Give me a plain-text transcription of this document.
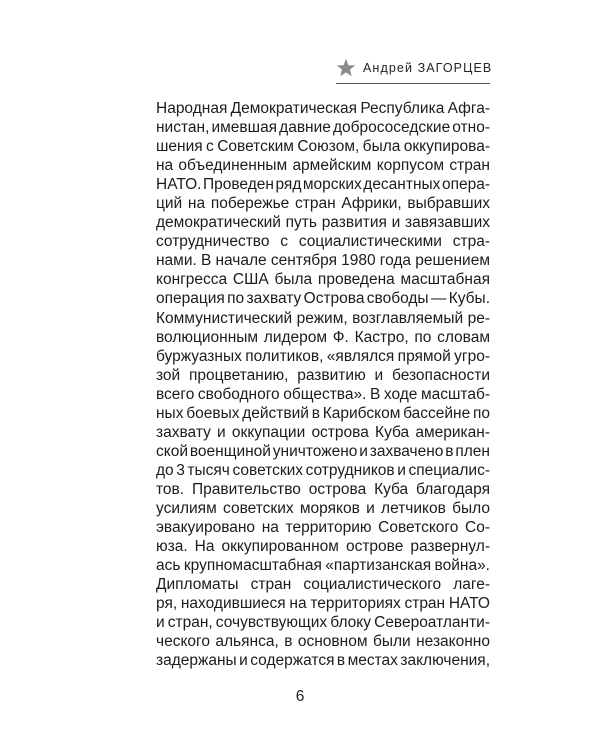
Андрей ЗАГОРЦЕВ
Народная Демократическая Республика Афга-
нистан, имевшая давние добрососедские отно-
шения с Советским Союзом, была оккупирова-
на объединенным армейским корпусом стран
НАТО. Проведен ряд морских десантных опера-
ций на побережье стран Африки, выбравших
демократический путь развития и завязавших
сотрудничество с социалистическими стра-
нами. В начале сентября 1980 года решением
конгресса США была проведена масштабная
операция по захвату Острова свободы — Кубы.
Коммунистический режим, возглавляемый ре-
волюционным лидером Ф. Кастро, по словам
буржуазных политиков, «являлся прямой угро-
зой процветанию, развитию и безопасности
всего свободного общества». В ходе масштаб-
ных боевых действий в Карибском бассейне по
захвату и оккупации острова Куба американ-
ской военщиной уничтожено и захвачено в плен
до 3 тысяч советских сотрудников и специалис-
тов. Правительство острова Куба благодаря
усилиям советских моряков и летчиков было
эвакуировано на территорию Советского Со-
юза. На оккупированном острове развернул-
ась крупномасштабная «партизанская война».
Дипломаты стран социалистического лаге-
ря, находившиеся на территориях стран НАТО
и стран, сочувствующих блоку Североатланти-
ческого альянса, в основном были незаконно
задержаны и содержатся в местах заключения,
6
